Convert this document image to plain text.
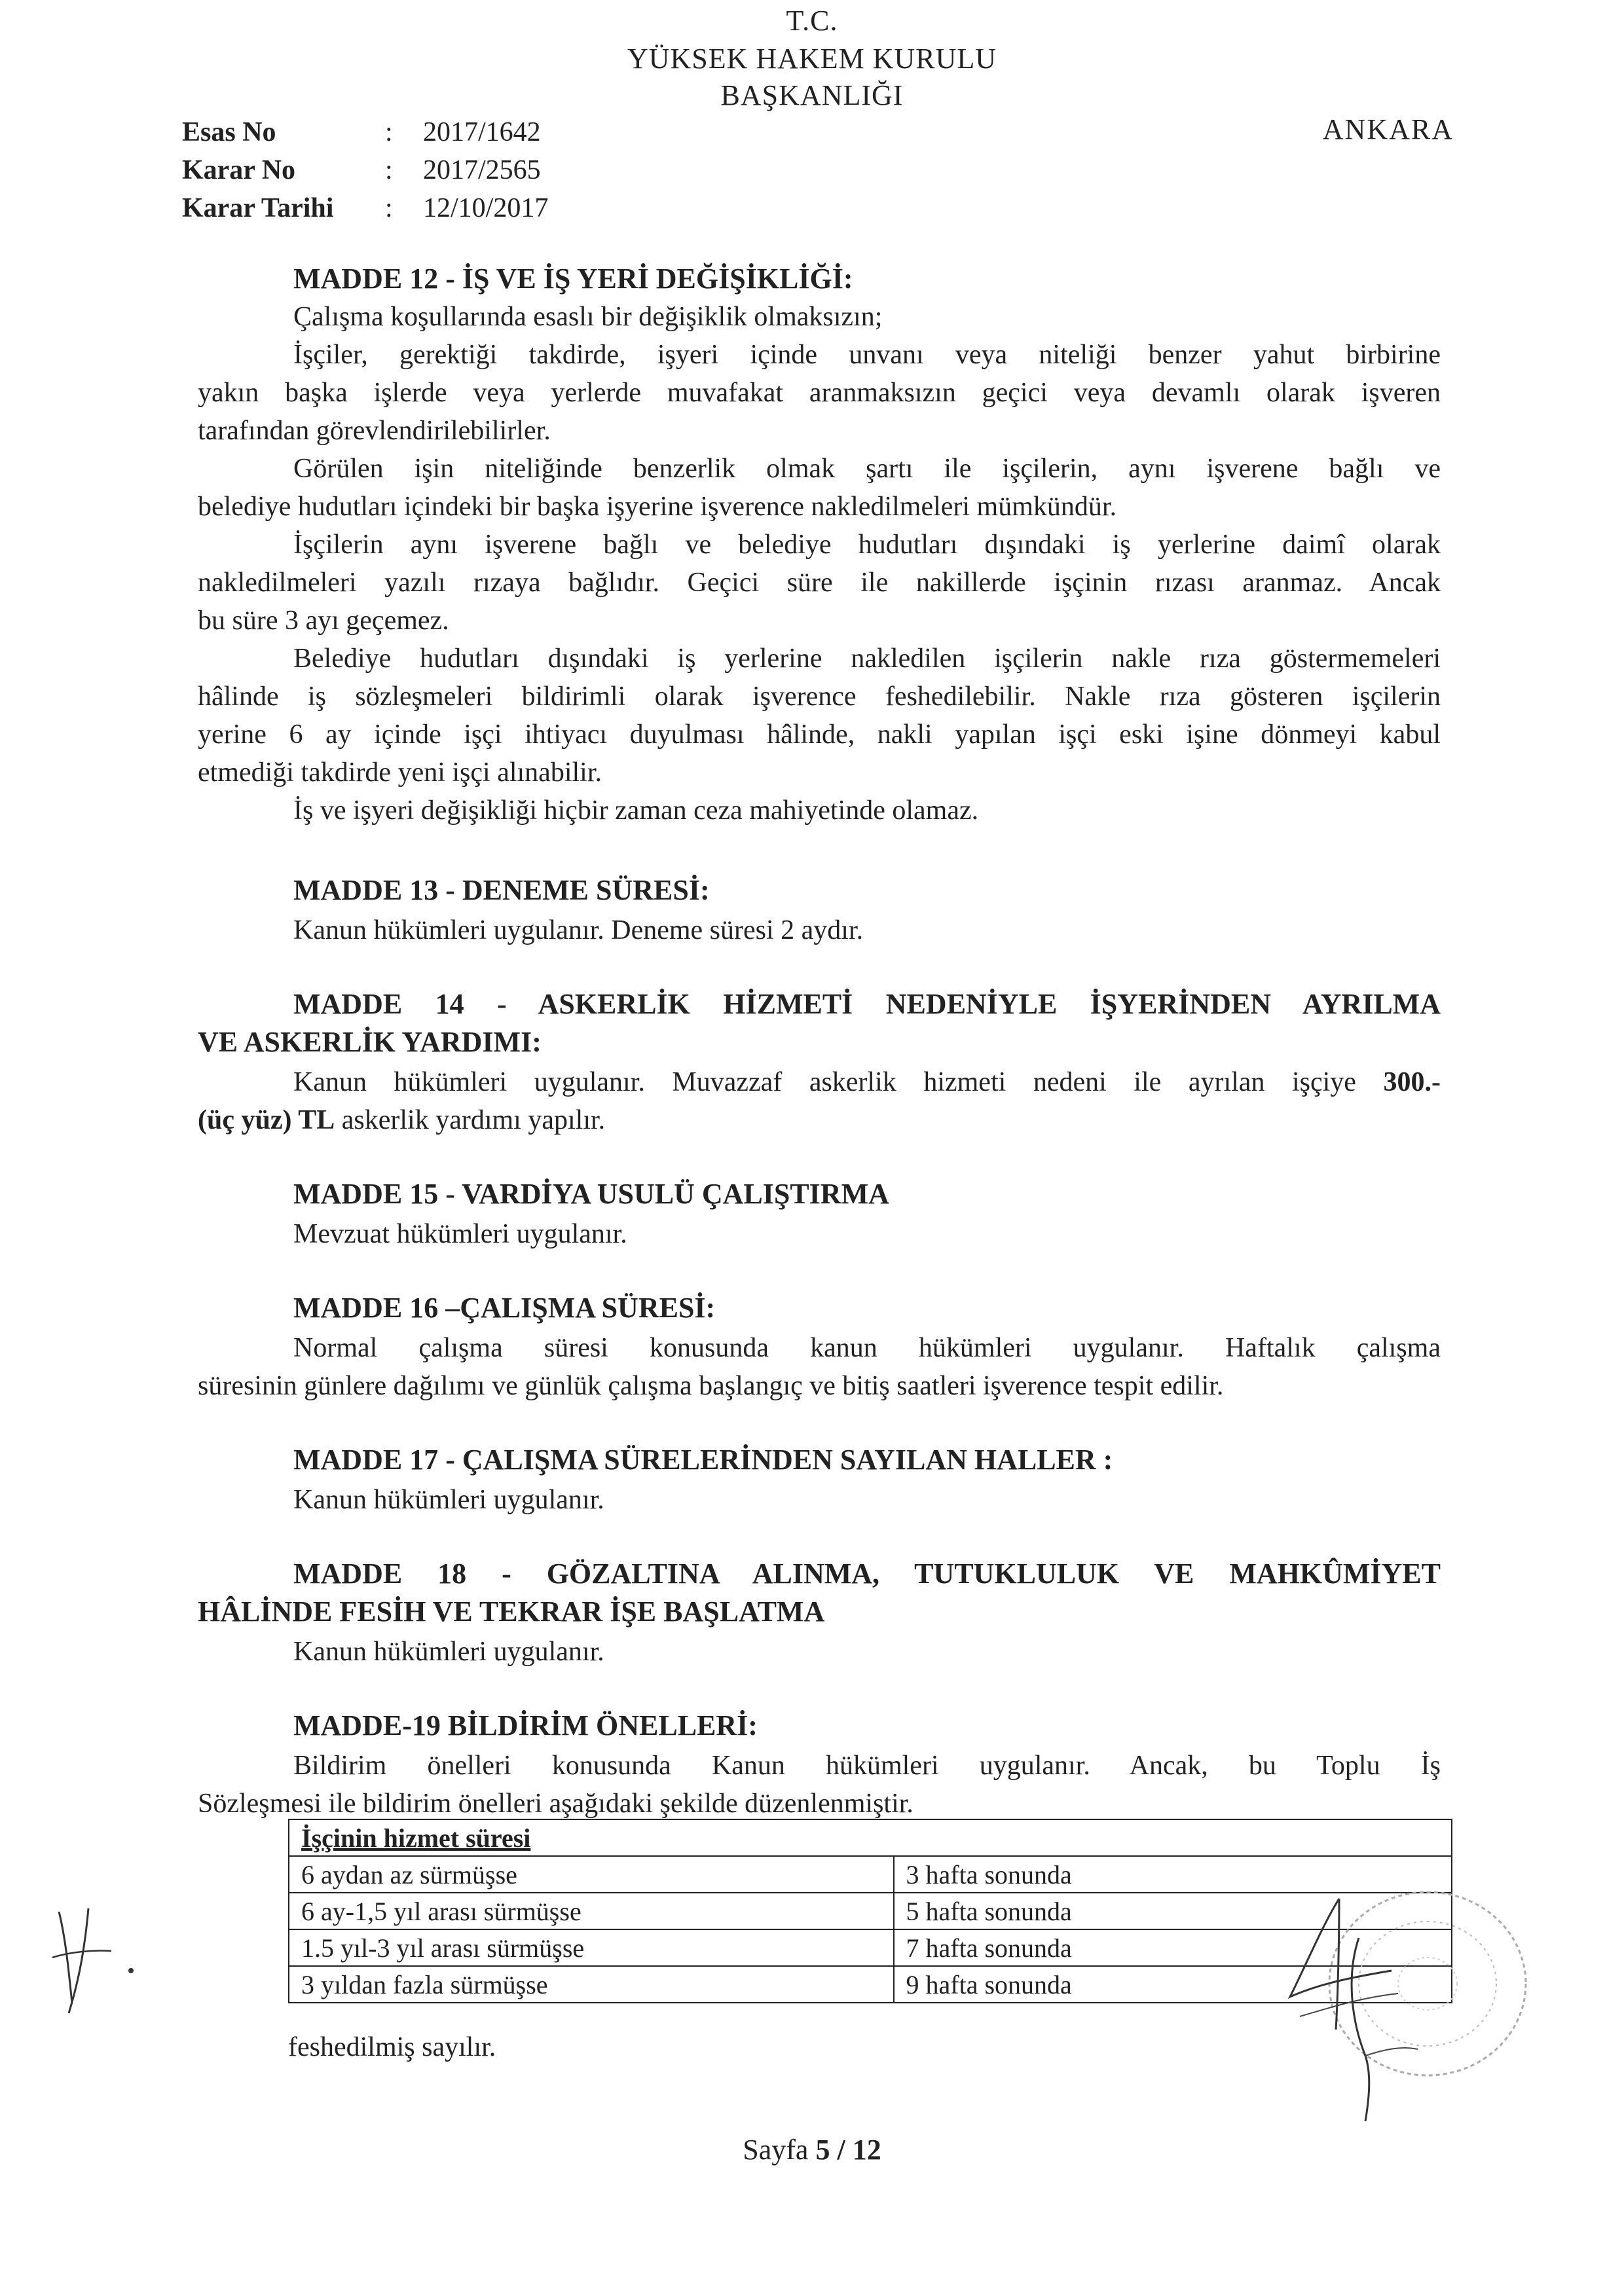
T.C.
YÜKSEK HAKEM KURULU
BAŞKANLIĞI
ANKARA
Esas No	: 2017/1642
Karar No	: 2017/2565
Karar Tarihi : 12/10/2017
MADDE 12 - İŞ VE İŞ YERİ DEĞİŞİKLİĞİ:
Çalışma koşullarında esaslı bir değişiklik olmaksızın;
İşçiler, gerektiği takdirde, işyeri içinde unvanı veya niteliği benzer yahut birbirine
yakın başka işlerde veya yerlerde muvafakat aranmaksızın geçici veya devamlı olarak işveren
tarafından görevlendirilebilirler.
Görülen işin niteliğinde benzerlik olmak şartı ile işçilerin, aynı işverene bağlı ve
belediye hudutları içindeki bir başka işyerine işverence nakledilmeleri mümkündür.
İşçilerin aynı işverene bağlı ve belediye hudutları dışındaki iş yerlerine daimî olarak
nakledilmeleri yazılı rızaya bağlıdır. Geçici süre ile nakillerde işçinin rızası aranmaz. Ancak
bu süre 3 ayı geçemez.
Belediye hudutları dışındaki iş yerlerine nakledilen işçilerin nakle rıza göstermemeleri
hâlinde iş sözleşmeleri bildirimli olarak işverence feshedilebilir. Nakle rıza gösteren işçilerin
yerine 6 ay içinde işçi ihtiyacı duyulması hâlinde, nakli yapılan işçi eski işine dönmeyi kabul
etmediği takdirde yeni işçi alınabilir.
İş ve işyeri değişikliği hiçbir zaman ceza mahiyetinde olamaz.
MADDE 13 - DENEME SÜRESİ:
Kanun hükümleri uygulanır. Deneme süresi 2 aydır.
MADDE 14 - ASKERLİK HİZMETİ NEDENİYLE İŞYERİNDEN AYRILMA
VE ASKERLİK YARDIMI:
Kanun hükümleri uygulanır. Muvazzaf askerlik hizmeti nedeni ile ayrılan işçiye 300.-
(üç yüz) TL askerlik yardımı yapılır.
MADDE 15 - VARDİYA USULÜ ÇALIŞTIRMA
Mevzuat hükümleri uygulanır.
MADDE 16 –ÇALIŞMA SÜRESİ:
Normal çalışma süresi konusunda kanun hükümleri uygulanır. Haftalık çalışma
süresinin günlere dağılımı ve günlük çalışma başlangıç ve bitiş saatleri işverence tespit edilir.
MADDE 17 - ÇALIŞMA SÜRELERİNDEN SAYILAN HALLER :
Kanun hükümleri uygulanır.
MADDE 18 - GÖZALTINA ALINMA, TUTUKLULUK VE MAHKÛMİYET
HÂLİNDE FESİH VE TEKRAR İŞE BAŞLATMA
Kanun hükümleri uygulanır.
MADDE-19 BİLDİRİM ÖNELLERİ:
Bildirim önelleri konusunda Kanun hükümleri uygulanır. Ancak, bu Toplu İş
Sözleşmesi ile bildirim önelleri aşağıdaki şekilde düzenlenmiştir.
İşçinin hizmet süresi	
6 aydan az sürmüşse	3 hafta sonunda
6 ay-1,5 yıl arası sürmüşse	5 hafta sonunda
1.5 yıl-3 yıl arası sürmüşse	7 hafta sonunda
3 yıldan fazla sürmüşse	9 hafta sonunda
feshedilmiş sayılır.
Sayfa 5 / 12
